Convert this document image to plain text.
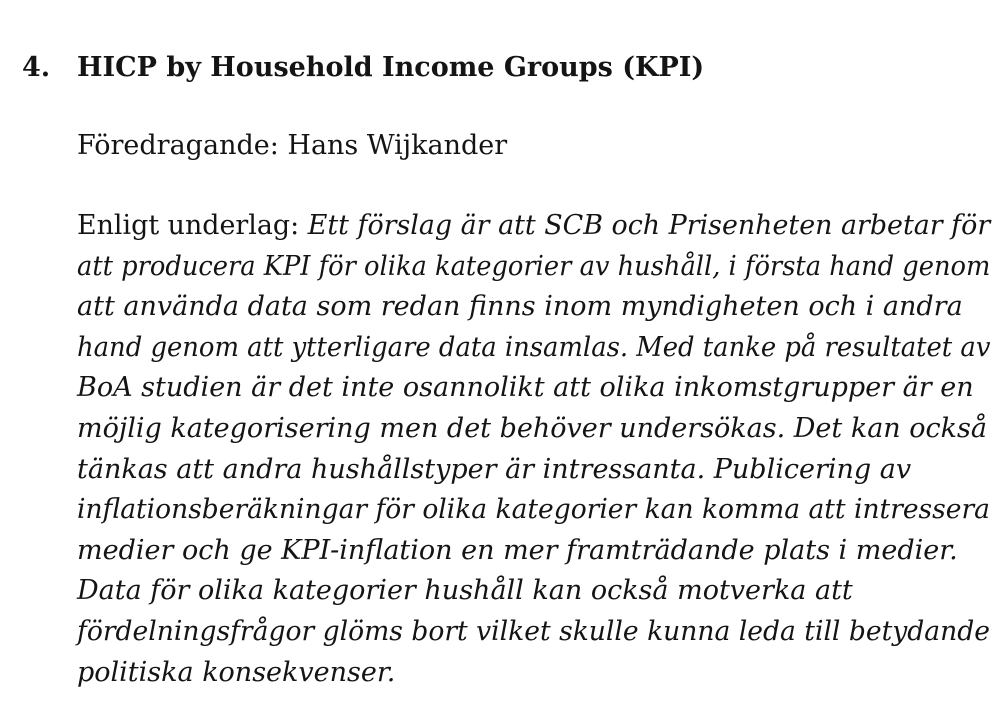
4. HICP by Household Income Groups (KPI)
Föredragande: Hans Wijkander
Enligt underlag: Ett förslag är att SCB och Prisenheten arbetar för
att producera KPI för olika kategorier av hushåll, i första hand genom
att använda data som redan finns inom myndigheten och i andra
hand genom att ytterligare data insamlas. Med tanke på resultatet av
BoA studien är det inte osannolikt att olika inkomstgrupper är en
möjlig kategorisering men det behöver undersökas. Det kan också
tänkas att andra hushållstyper är intressanta. Publicering av
inflationsberäkningar för olika kategorier kan komma att intressera
medier och ge KPI-inflation en mer framträdande plats i medier.
Data för olika kategorier hushåll kan också motverka att
fördelningsfrågor glöms bort vilket skulle kunna leda till betydande
politiska konsekvenser.
